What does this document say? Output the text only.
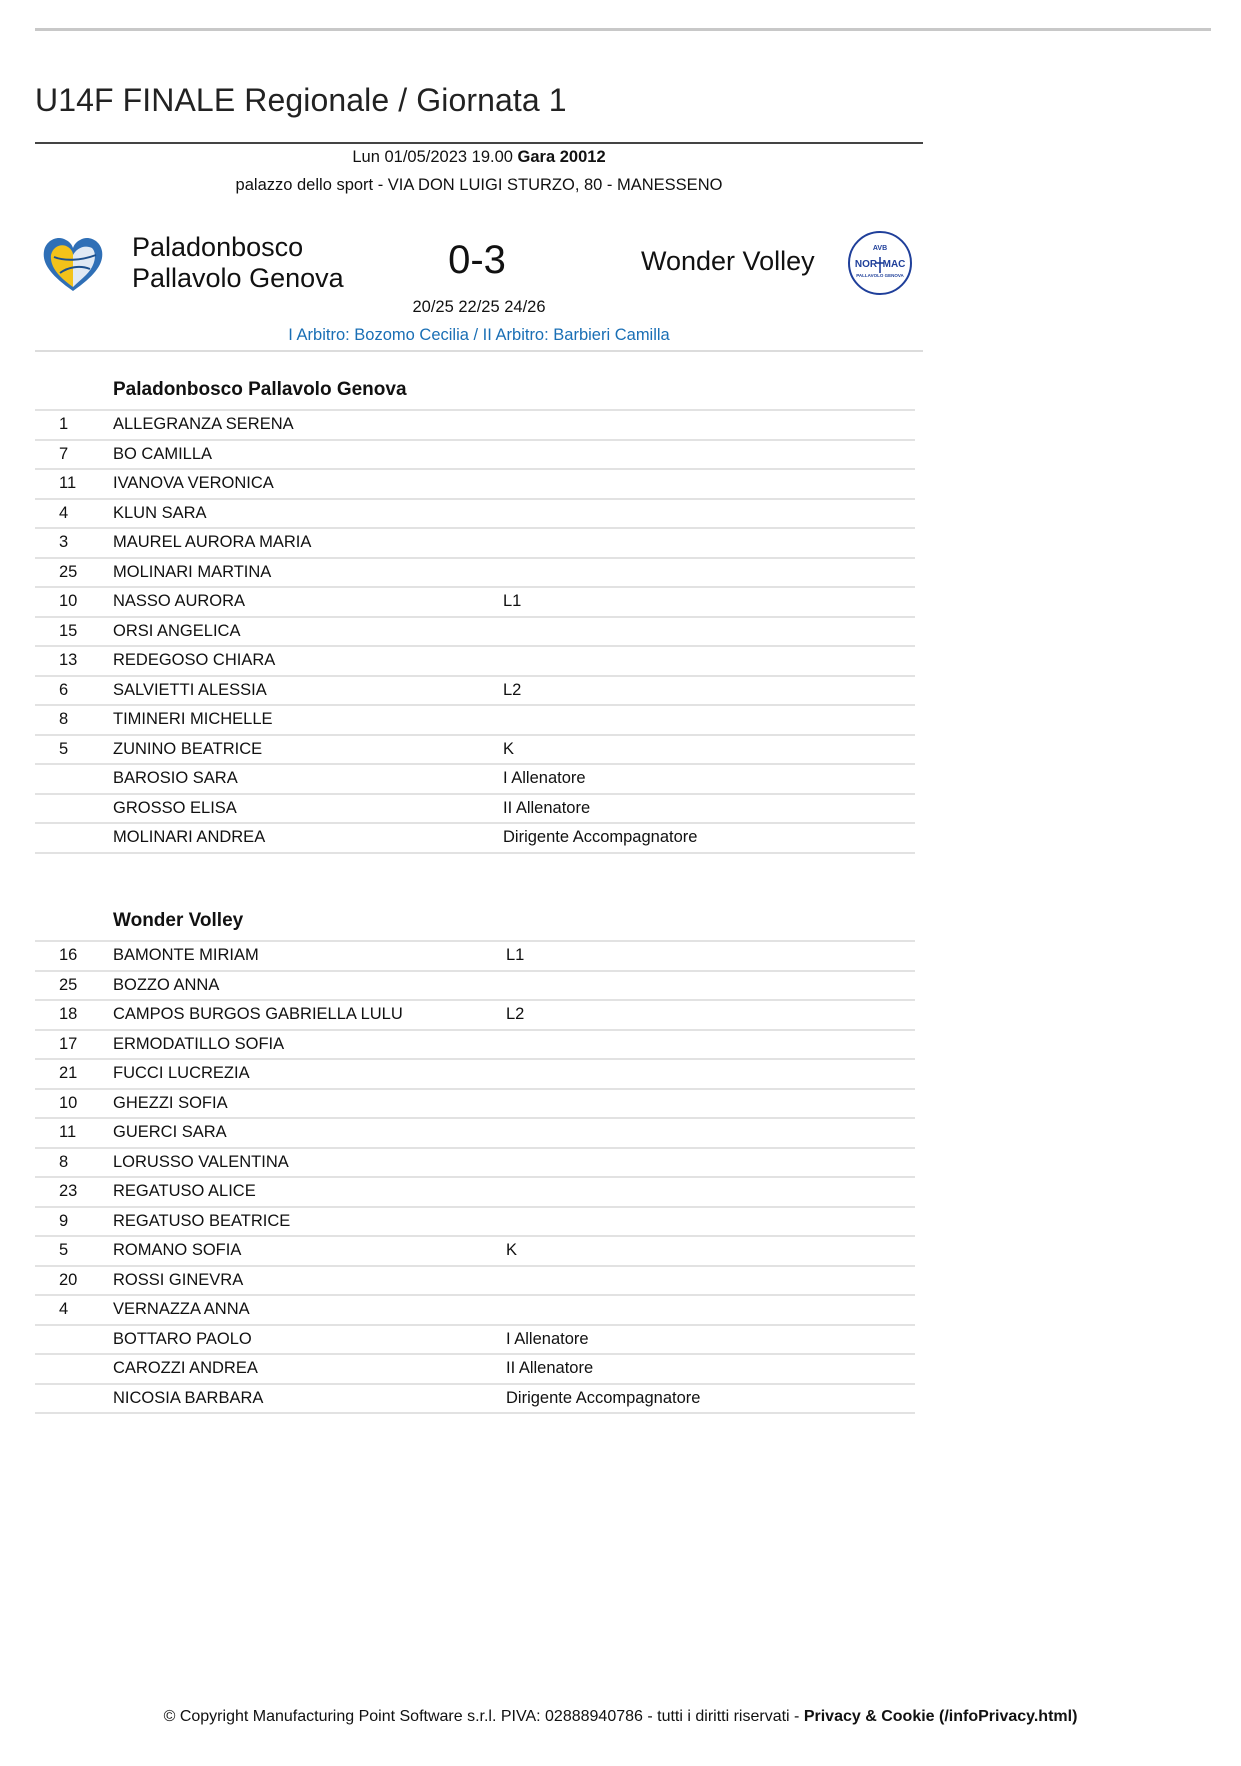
U14F FINALE Regionale / Giornata 1
Lun 01/05/2023 19.00 Gara 20012
palazzo dello sport - VIA DON LUIGI STURZO, 80 - MANESSENO
Paladonbosco
Pallavolo Genova	0-3	Wonder Volley	AVB
NOR MAC
PALLAVOLO GENOVA
20/25 22/25 24/26
I Arbitro: Bozomo Cecilia / II Arbitro: Barbieri Camilla
Paladonbosco Pallavolo Genova
1	ALLEGRANZA SERENA
7	BO CAMILLA
11	IVANOVA VERONICA
4	KLUN SARA
3	MAUREL AURORA MARIA
25	MOLINARI MARTINA
10	NASSO AURORA	L1
15	ORSI ANGELICA
13	REDEGOSO CHIARA
6	SALVIETTI ALESSIA	L2
8	TIMINERI MICHELLE
5	ZUNINO BEATRICE	K
BAROSIO SARA	I Allenatore
GROSSO ELISA	II Allenatore
MOLINARI ANDREA	Dirigente Accompagnatore
Wonder Volley
16	BAMONTE MIRIAM	L1
25	BOZZO ANNA
18	CAMPOS BURGOS GABRIELLA LULU	L2
17	ERMODATILLO SOFIA
21	FUCCI LUCREZIA
10	GHEZZI SOFIA
11	GUERCI SARA
8	LORUSSO VALENTINA
23	REGATUSO ALICE
9	REGATUSO BEATRICE
5	ROMANO SOFIA	K
20	ROSSI GINEVRA
4	VERNAZZA ANNA
BOTTARO PAOLO	I Allenatore
CAROZZI ANDREA	II Allenatore
NICOSIA BARBARA	Dirigente Accompagnatore
© Copyright Manufacturing Point Software s.r.l. PIVA: 02888940786 - tutti i diritti riservati - Privacy & Cookie (/infoPrivacy.html)
